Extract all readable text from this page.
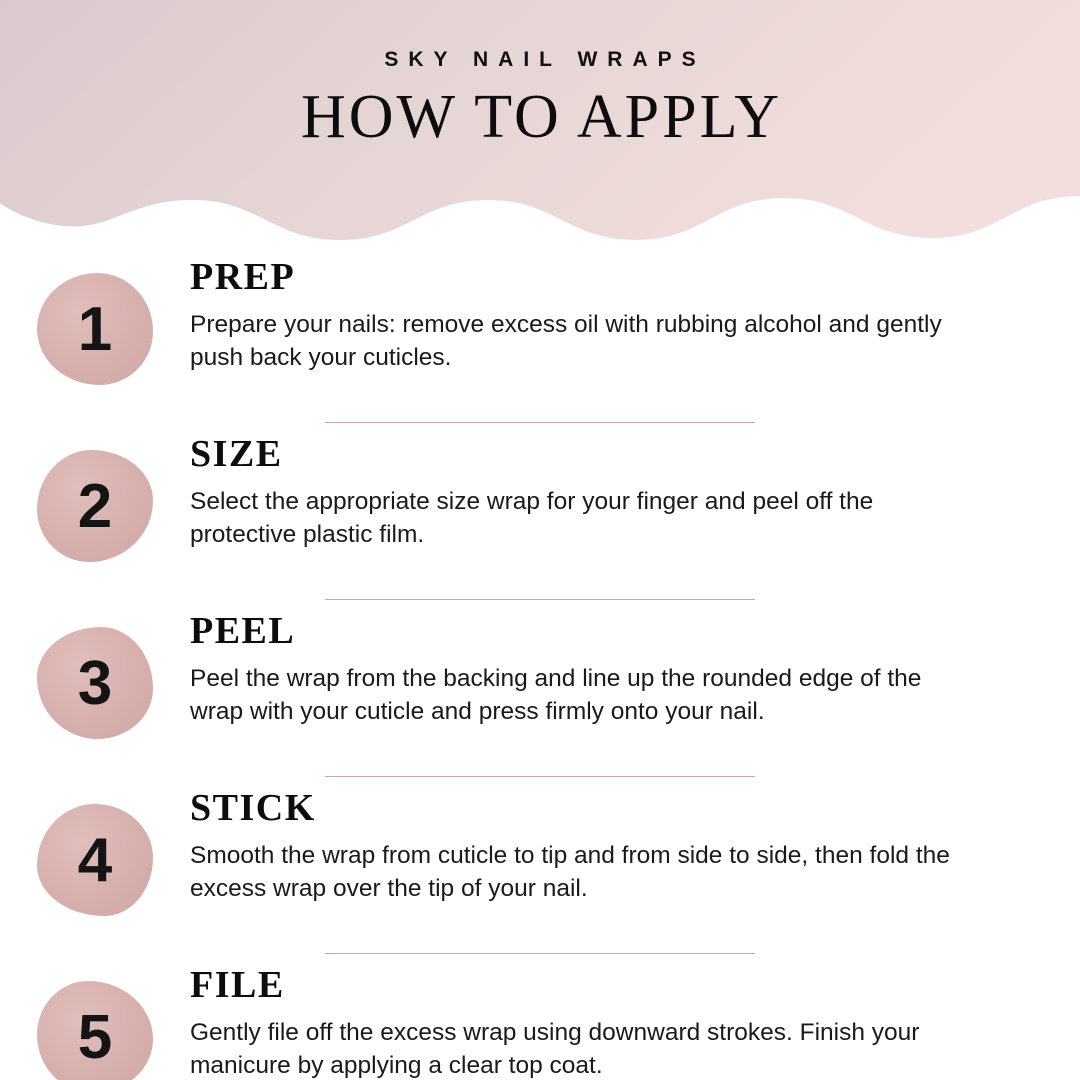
SKY NAIL WRAPS
HOW TO APPLY
1
PREP

Prepare your nails: remove excess oil with rubbing alcohol and gently push back your cuticles.

2
SIZE

Select the appropriate size wrap for your finger and peel off the protective plastic film.

3
PEEL

Peel the wrap from the backing and line up the rounded edge of the wrap with your cuticle and press firmly onto your nail.

4
STICK

Smooth the wrap from cuticle to tip and from side to side, then fold the excess wrap over the tip of your nail.

5
FILE

Gently file off the excess wrap using downward strokes. Finish your manicure by applying a clear top coat.
